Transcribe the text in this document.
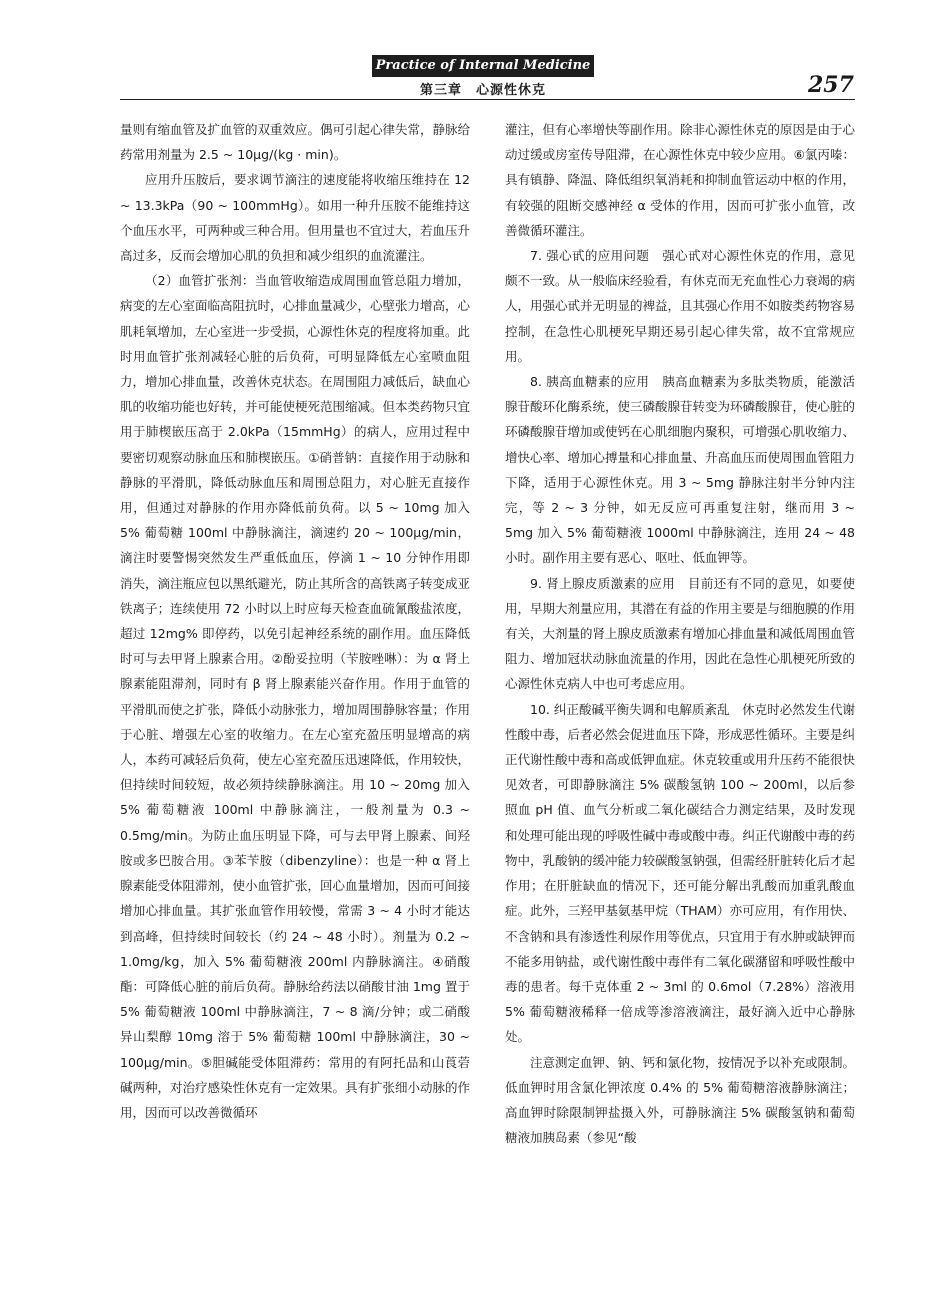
Practice of Internal Medicine
第三章　心源性休克	257

量则有缩血管及扩血管的双重效应。偶可引起心律失常，静脉给药常用剂量为 2.5 ~ 10μg/(kg · min)。

应用升压胺后，要求调节滴注的速度能将收缩压维持在 12 ~ 13.3kPa（90 ~ 100mmHg）。如用一种升压胺不能维持这个血压水平，可两种或三种合用。但用量也不宜过大，若血压升高过多，反而会增加心肌的负担和减少组织的血流灌注。

（2）血管扩张剂：当血管收缩造成周围血管总阻力增加，病变的左心室面临高阻抗时，心排血量减少，心壁张力增高，心肌耗氧增加，左心室进一步受损，心源性休克的程度将加重。此时用血管扩张剂减轻心脏的后负荷，可明显降低左心室喷血阻力，增加心排血量，改善休克状态。在周围阻力减低后，缺血心肌的收缩功能也好转，并可能使梗死范围缩减。但本类药物只宜用于肺楔嵌压高于 2.0kPa（15mmHg）的病人，应用过程中要密切观察动脉血压和肺楔嵌压。①硝普钠：直接作用于动脉和静脉的平滑肌，降低动脉血压和周围总阻力，对心脏无直接作用，但通过对静脉的作用亦降低前负荷。以 5 ~ 10mg 加入 5% 葡萄糖 100ml 中静脉滴注，滴速约 20 ~ 100μg/min，滴注时要警惕突然发生严重低血压，停滴 1 ~ 10 分钟作用即消失，滴注瓶应包以黑纸避光，防止其所含的高铁离子转变成亚铁离子；连续使用 72 小时以上时应每天检查血硫氰酸盐浓度，超过 12mg% 即停药，以免引起神经系统的副作用。血压降低时可与去甲肾上腺素合用。②酚妥拉明（苄胺唑啉）：为 α 肾上腺素能阻滞剂，同时有 β 肾上腺素能兴奋作用。作用于血管的平滑肌而使之扩张，降低小动脉张力，增加周围静脉容量；作用于心脏、增强左心室的收缩力。在左心室充盈压明显增高的病人，本药可减轻后负荷，使左心室充盈压迅速降低，作用较快，但持续时间较短，故必须持续静脉滴注。用 10 ~ 20mg 加入 5% 葡萄糖液 100ml 中静脉滴注，一般剂量为 0.3 ~ 0.5mg/min。为防止血压明显下降，可与去甲肾上腺素、间羟胺或多巴胺合用。③苯苄胺（dibenzyline）：也是一种 α 肾上腺素能受体阻滞剂，使小血管扩张，回心血量增加，因而可间接增加心排血量。其扩张血管作用较慢，常需 3 ~ 4 小时才能达到高峰，但持续时间较长（约 24 ~ 48 小时）。剂量为 0.2 ~ 1.0mg/kg，加入 5% 葡萄糖液 200ml 内静脉滴注。④硝酸酯：可降低心脏的前后负荷。静脉给药法以硝酸甘油 1mg 置于 5% 葡萄糖液 100ml 中静脉滴注，7 ~ 8 滴/分钟；或二硝酸异山梨醇 10mg 溶于 5% 葡萄糖 100ml 中静脉滴注，30 ~ 100μg/min。⑤胆碱能受体阻滞药：常用的有阿托品和山莨菪碱两种，对治疗感染性休克有一定效果。具有扩张细小动脉的作用，因而可以改善微循环

灌注，但有心率增快等副作用。除非心源性休克的原因是由于心动过缓或房室传导阻滞，在心源性休克中较少应用。⑥氯丙嗪：具有镇静、降温、降低组织氧消耗和抑制血管运动中枢的作用，有较强的阻断交感神经 α 受体的作用，因而可扩张小血管，改善微循环灌注。

7. 强心甙的应用问题　强心甙对心源性休克的作用，意见颇不一致。从一般临床经验看，有休克而无充血性心力衰竭的病人，用强心甙并无明显的裨益，且其强心作用不如胺类药物容易控制，在急性心肌梗死早期还易引起心律失常，故不宜常规应用。

8. 胰高血糖素的应用　胰高血糖素为多肽类物质，能激活腺苷酸环化酶系统，使三磷酸腺苷转变为环磷酸腺苷，使心脏的环磷酸腺苷增加或使钙在心肌细胞内聚积，可增强心肌收缩力、增快心率、增加心搏量和心排血量、升高血压而使周围血管阻力下降，适用于心源性休克。用 3 ~ 5mg 静脉注射半分钟内注完，等 2 ~ 3 分钟，如无反应可再重复注射，继而用 3 ~ 5mg 加入 5% 葡萄糖液 1000ml 中静脉滴注，连用 24 ~ 48 小时。副作用主要有恶心、呕吐、低血钾等。

9. 肾上腺皮质激素的应用　目前还有不同的意见，如要使用，早期大剂量应用，其潜在有益的作用主要是与细胞膜的作用有关，大剂量的肾上腺皮质激素有增加心排血量和减低周围血管阻力、增加冠状动脉血流量的作用，因此在急性心肌梗死所致的心源性休克病人中也可考虑应用。

10. 纠正酸碱平衡失调和电解质紊乱　休克时必然发生代谢性酸中毒，后者必然会促进血压下降，形成恶性循环。主要是纠正代谢性酸中毒和高或低钾血症。休克较重或用升压药不能很快见效者，可即静脉滴注 5% 碳酸氢钠 100 ~ 200ml，以后参照血 pH 值、血气分析或二氧化碳结合力测定结果，及时发现和处理可能出现的呼吸性碱中毒或酸中毒。纠正代谢酸中毒的药物中，乳酸钠的缓冲能力较碳酸氢钠强，但需经肝脏转化后才起作用；在肝脏缺血的情况下，还可能分解出乳酸而加重乳酸血症。此外，三羟甲基氨基甲烷（THAM）亦可应用，有作用快、不含钠和具有渗透性利尿作用等优点，只宜用于有水肿或缺钾而不能多用钠盐，或代谢性酸中毒伴有二氧化碳潴留和呼吸性酸中毒的患者。每千克体重 2 ~ 3ml 的 0.6mol（7.28%）溶液用 5% 葡萄糖液稀释一倍成等渗溶液滴注，最好滴入近中心静脉处。

注意测定血钾、钠、钙和氯化物，按情况予以补充或限制。低血钾时用含氯化钾浓度 0.4% 的 5% 葡萄糖溶液静脉滴注；高血钾时除限制钾盐摄入外，可静脉滴注 5% 碳酸氢钠和葡萄糖液加胰岛素（参见“酸
